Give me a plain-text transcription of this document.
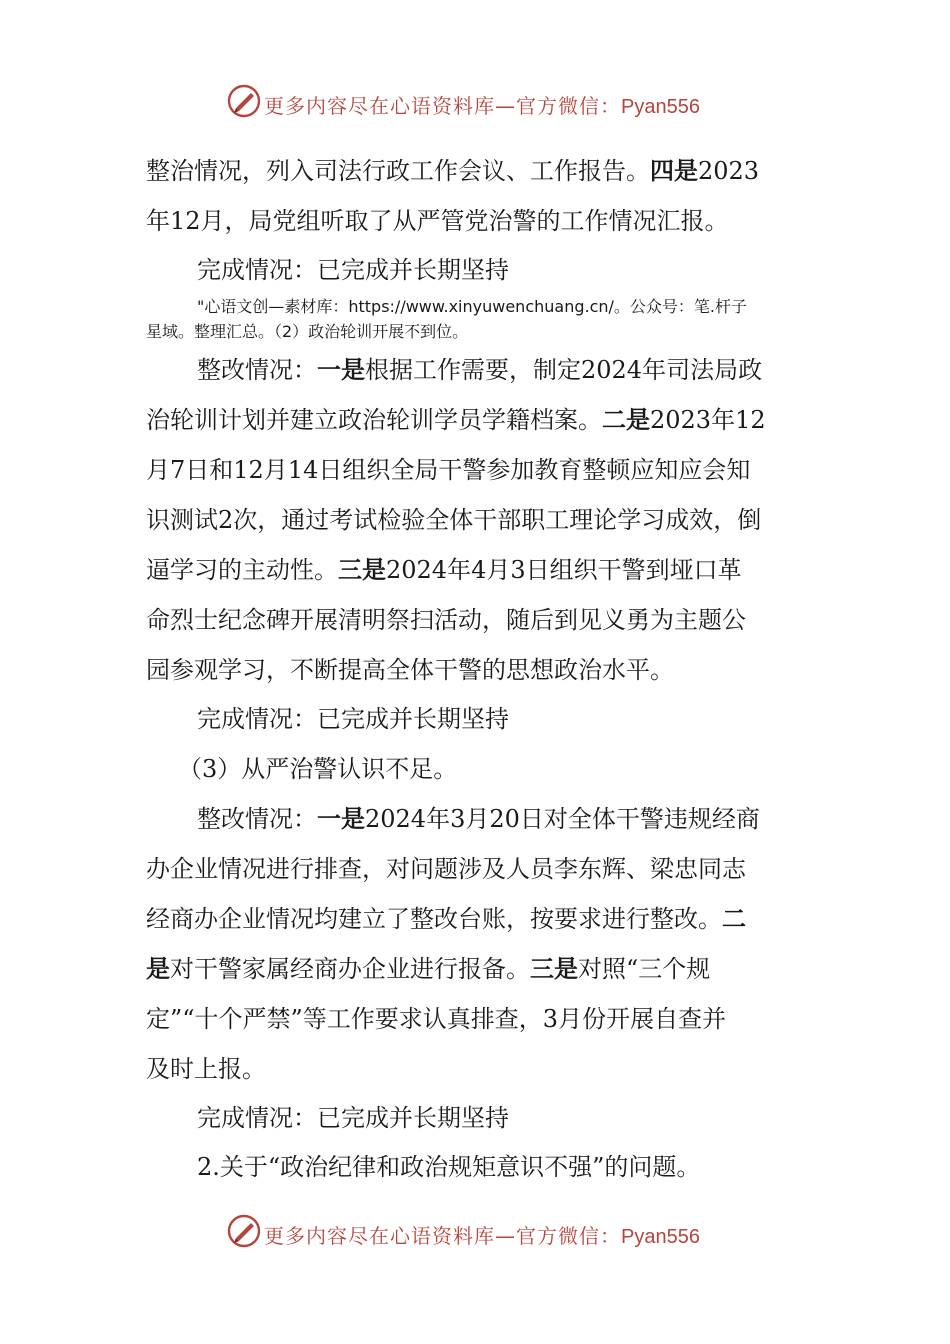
更多内容尽在心语资料库—官方微信：Pyan556
整治情况，列入司法行政工作会议、工作报告。四是2023
年12月，局党组听取了从严管党治警的工作情况汇报。
完成情况：已完成并长期坚持
"心语文创—素材库：https://www.xinyuwenchuang.cn/。公众号：笔.杆子
星域。整理汇总。（2）政治轮训开展不到位。
整改情况：一是根据工作需要，制定2024年司法局政
治轮训计划并建立政治轮训学员学籍档案。二是2023年12
月7日和12月14日组织全局干警参加教育整顿应知应会知
识测试2次，通过考试检验全体干部职工理论学习成效，倒
逼学习的主动性。三是2024年4月3日组织干警到垭口革
命烈士纪念碑开展清明祭扫活动，随后到见义勇为主题公
园参观学习，不断提高全体干警的思想政治水平。
完成情况：已完成并长期坚持
（3）从严治警认识不足。
整改情况：一是2024年3月20日对全体干警违规经商
办企业情况进行排查，对问题涉及人员李东辉、梁忠同志
经商办企业情况均建立了整改台账，按要求进行整改。二
是对干警家属经商办企业进行报备。三是对照“三个规
定”“十个严禁”等工作要求认真排查，3月份开展自查并
及时上报。
完成情况：已完成并长期坚持
2.关于“政治纪律和政治规矩意识不强”的问题。
更多内容尽在心语资料库—官方微信：Pyan556
